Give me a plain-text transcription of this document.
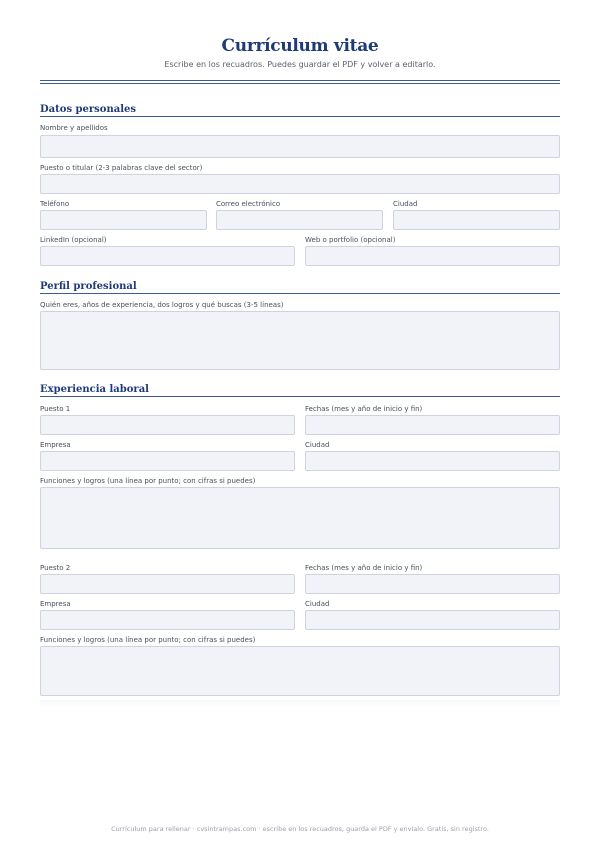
Currículum vitae
Escribe en los recuadros. Puedes guardar el PDF y volver a editarlo.
Datos personales
Nombre y apellidos
Puesto o titular (2-3 palabras clave del sector)
Teléfono	Correo electrónico	Ciudad
LinkedIn (opcional)	Web o portfolio (opcional)
Perfil profesional
Quién eres, años de experiencia, dos logros y qué buscas (3-5 líneas)
Experiencia laboral
Puesto 1	Fechas (mes y año de inicio y fin)
Empresa	Ciudad
Funciones y logros (una línea por punto; con cifras si puedes)
Puesto 2	Fechas (mes y año de inicio y fin)
Empresa	Ciudad
Funciones y logros (una línea por punto; con cifras si puedes)
Currículum para rellenar · cvsintrampas.com · escribe en los recuadros, guarda el PDF y envíalo. Gratis, sin registro.
